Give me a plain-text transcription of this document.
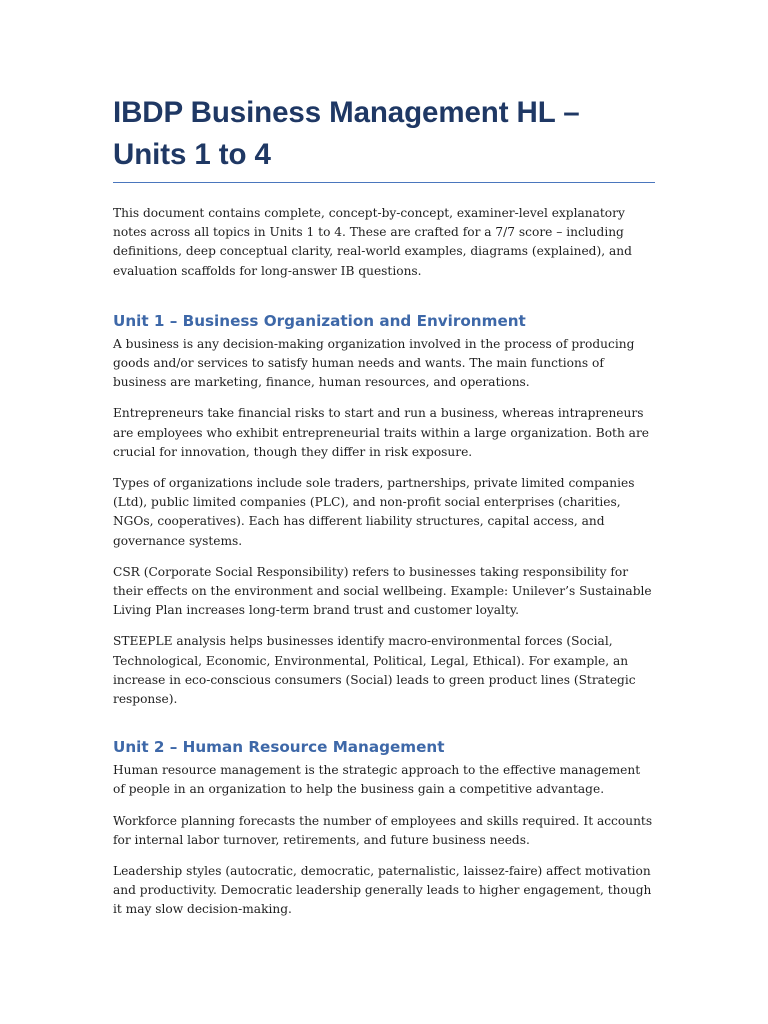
IBDP Business Management HL – Units 1 to 4

This document contains complete, concept-by-concept, examiner-level explanatory notes across all topics in Units 1 to 4. These are crafted for a 7/7 score – including definitions, deep conceptual clarity, real-world examples, diagrams (explained), and evaluation scaffolds for long-answer IB questions.

Unit 1 – Business Organization and Environment

A business is any decision-making organization involved in the process of producing goods and/or services to satisfy human needs and wants. The main functions of business are marketing, finance, human resources, and operations.

Entrepreneurs take financial risks to start and run a business, whereas intrapreneurs are employees who exhibit entrepreneurial traits within a large organization. Both are crucial for innovation, though they differ in risk exposure.

Types of organizations include sole traders, partnerships, private limited companies (Ltd), public limited companies (PLC), and non-profit social enterprises (charities, NGOs, cooperatives). Each has different liability structures, capital access, and governance systems.

CSR (Corporate Social Responsibility) refers to businesses taking responsibility for their effects on the environment and social wellbeing. Example: Unilever’s Sustainable Living Plan increases long-term brand trust and customer loyalty.

STEEPLE analysis helps businesses identify macro-environmental forces (Social, Technological, Economic, Environmental, Political, Legal, Ethical). For example, an increase in eco-conscious consumers (Social) leads to green product lines (Strategic response).

Unit 2 – Human Resource Management

Human resource management is the strategic approach to the effective management of people in an organization to help the business gain a competitive advantage.

Workforce planning forecasts the number of employees and skills required. It accounts for internal labor turnover, retirements, and future business needs.

Leadership styles (autocratic, democratic, paternalistic, laissez-faire) affect motivation and productivity. Democratic leadership generally leads to higher engagement, though it may slow decision-making.
